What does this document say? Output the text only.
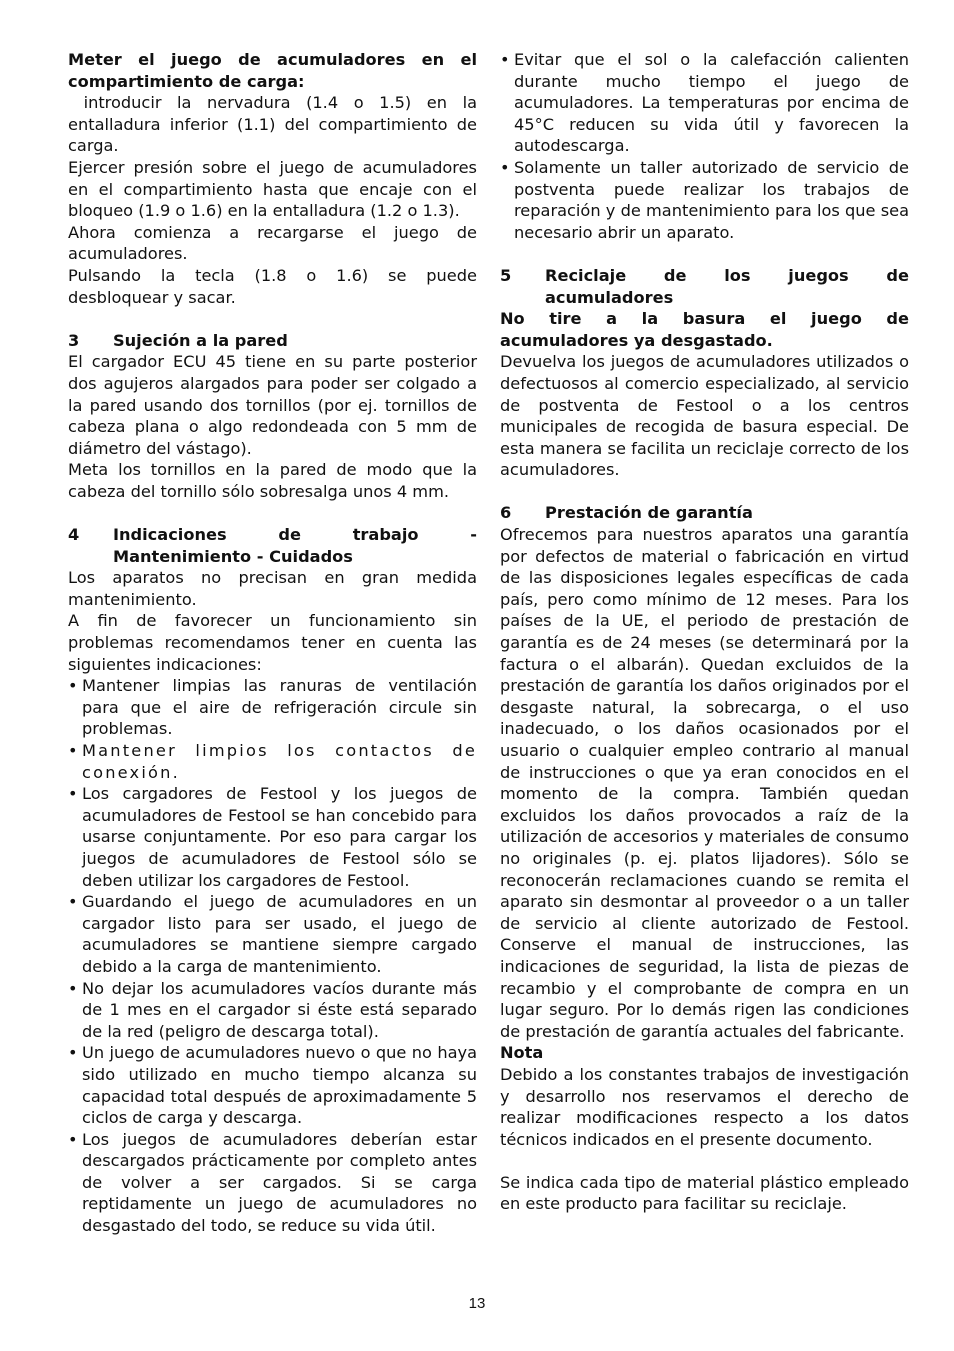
Meter el juego de acumuladores en el compartimiento de carga:

introducir la nervadura (1.4 o 1.5) en la entalladura inferior (1.1) del compartimiento de carga.

Ejercer presión sobre el juego de acumuladores en el compartimiento hasta que encaje con el bloqueo (1.9 o 1.6) en la entalladura (1.2 o 1.3).

Ahora comienza a recargarse el juego de acumuladores.

Pulsando la tecla (1.8 o 1.6) se puede desbloquear y sacar.

3	Sujeción a la pared

El cargador ECU 45 tiene en su parte posterior dos agujeros alargados para poder ser colgado a la pared usando dos tornillos (por ej. tornillos de cabeza plana o algo redondeada con 5 mm de diámetro del vástago).

Meta los tornillos en la pared de modo que la cabeza del tornillo sólo sobresalga unos 4 mm.

4	Indicaciones de trabajo - Mantenimiento - Cuidados

Los aparatos no precisan en gran medida mantenimiento.

A fin de favorecer un funcionamiento sin problemas recomendamos tener en cuenta las siguientes indicaciones:

• Mantener limpias las ranuras de ventilación para que el aire de refrigeración circule sin problemas.
• Mantener limpios los contactos de conexión.
• Los cargadores de Festool y los juegos de acumuladores de Festool se han concebido para usarse conjuntamente. Por eso para cargar los juegos de acumuladores de Festool sólo se deben utilizar los cargadores de Festool.
• Guardando el juego de acumuladores en un cargador listo para ser usado, el juego de acumuladores se mantiene siempre cargado debido a la carga de mantenimiento.
• No dejar los acumuladores vacíos durante más de 1 mes en el cargador si éste está separado de la red (peligro de descarga total).
• Un juego de acumuladores nuevo o que no haya sido utilizado en mucho tiempo alcanza su capacidad total después de aproximadamente 5 ciclos de carga y descarga.
• Los juegos de acumuladores deberían estar descargados prácticamente por completo antes de volver a ser cargados. Si se carga reptidamente un juego de acumuladores no desgastado del todo, se reduce su vida útil.
• Evitar que el sol o la calefacción calienten durante mucho tiempo el juego de acumuladores. La temperaturas por encima de 45°C reducen su vida útil y favorecen la autodescarga.
• Solamente un taller autorizado de servicio de postventa puede realizar los trabajos de reparación y de mantenimiento para los que sea necesario abrir un aparato.
5	Reciclaje de los juegos de acumuladores

No tire a la basura el juego de acumuladores ya desgastado.

Devuelva los juegos de acumuladores utilizados o defectuosos al comercio especializado, al servicio de postventa de Festool o a los centros municipales de recogida de basura especial. De esta manera se facilita un reciclaje correcto de los acumuladores.

6	Prestación de garantía

Ofrecemos para nuestros aparatos una garantía por defectos de material o fabricación en virtud de las disposiciones legales específicas de cada país, pero como mínimo de 12 meses. Para los países de la UE, el periodo de prestación de garantía es de 24 meses (se determinará por la factura o el albarán). Quedan excluidos de la prestación de garantía los daños originados por el desgaste natural, la sobrecarga, o el uso inadecuado, o los daños ocasionados por el usuario o cualquier empleo contrario al manual de instrucciones o que ya eran conocidos en el momento de la compra. También quedan excluidos los daños provocados a raíz de la utilización de accesorios y materiales de consumo no originales (p. ej. platos lijadores). Sólo se reconocerán reclamaciones cuando se remita el aparato sin desmontar al proveedor o a un taller de servicio al cliente autorizado de Festool. Conserve el manual de instrucciones, las indicaciones de seguridad, la lista de piezas de recambio y el comprobante de compra en un lugar seguro. Por lo demás rigen las condiciones de prestación de garantía actuales del fabricante.

Nota

Debido a los constantes trabajos de investigación y desarrollo nos reservamos el derecho de realizar modificaciones respecto a los datos técnicos indicados en el presente documento.

Se indica cada tipo de material plástico empleado en este producto para facilitar su reciclaje.

13
